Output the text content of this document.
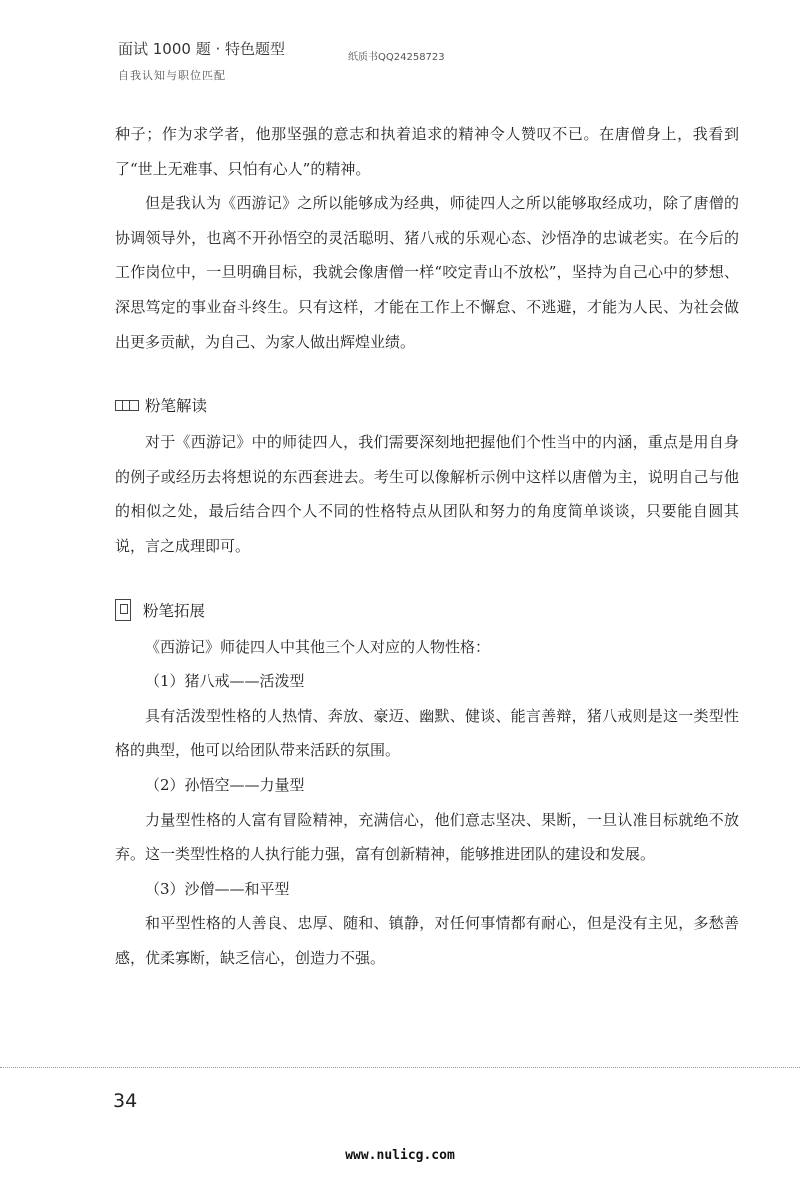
面试 1000 题 · 特色题型
自我认知与职位匹配
纸质书QQ24258723

种子；作为求学者，他那坚强的意志和执着追求的精神令人赞叹不已。在唐僧身上，我看到了“世上无难事、只怕有心人”的精神。

但是我认为《西游记》之所以能够成为经典，师徒四人之所以能够取经成功，除了唐僧的协调领导外，也离不开孙悟空的灵活聪明、猪八戒的乐观心态、沙悟净的忠诚老实。在今后的工作岗位中，一旦明确目标，我就会像唐僧一样“咬定青山不放松”，坚持为自己心中的梦想、深思笃定的事业奋斗终生。只有这样，才能在工作上不懈怠、不逃避，才能为人民、为社会做出更多贡献，为自己、为家人做出辉煌业绩。

粉笔解读

对于《西游记》中的师徒四人，我们需要深刻地把握他们个性当中的内涵，重点是用自身的例子或经历去将想说的东西套进去。考生可以像解析示例中这样以唐僧为主，说明自己与他的相似之处，最后结合四个人不同的性格特点从团队和努力的角度简单谈谈，只要能自圆其说，言之成理即可。

粉笔拓展

《西游记》师徒四人中其他三个人对应的人物性格：

（1）猪八戒——活泼型

具有活泼型性格的人热情、奔放、豪迈、幽默、健谈、能言善辩，猪八戒则是这一类型性格的典型，他可以给团队带来活跃的氛围。

（2）孙悟空——力量型

力量型性格的人富有冒险精神，充满信心，他们意志坚决、果断，一旦认准目标就绝不放弃。这一类型性格的人执行能力强，富有创新精神，能够推进团队的建设和发展。

（3）沙僧——和平型

和平型性格的人善良、忠厚、随和、镇静，对任何事情都有耐心，但是没有主见，多愁善感，优柔寡断，缺乏信心，创造力不强。

34
www.nulicg.com
